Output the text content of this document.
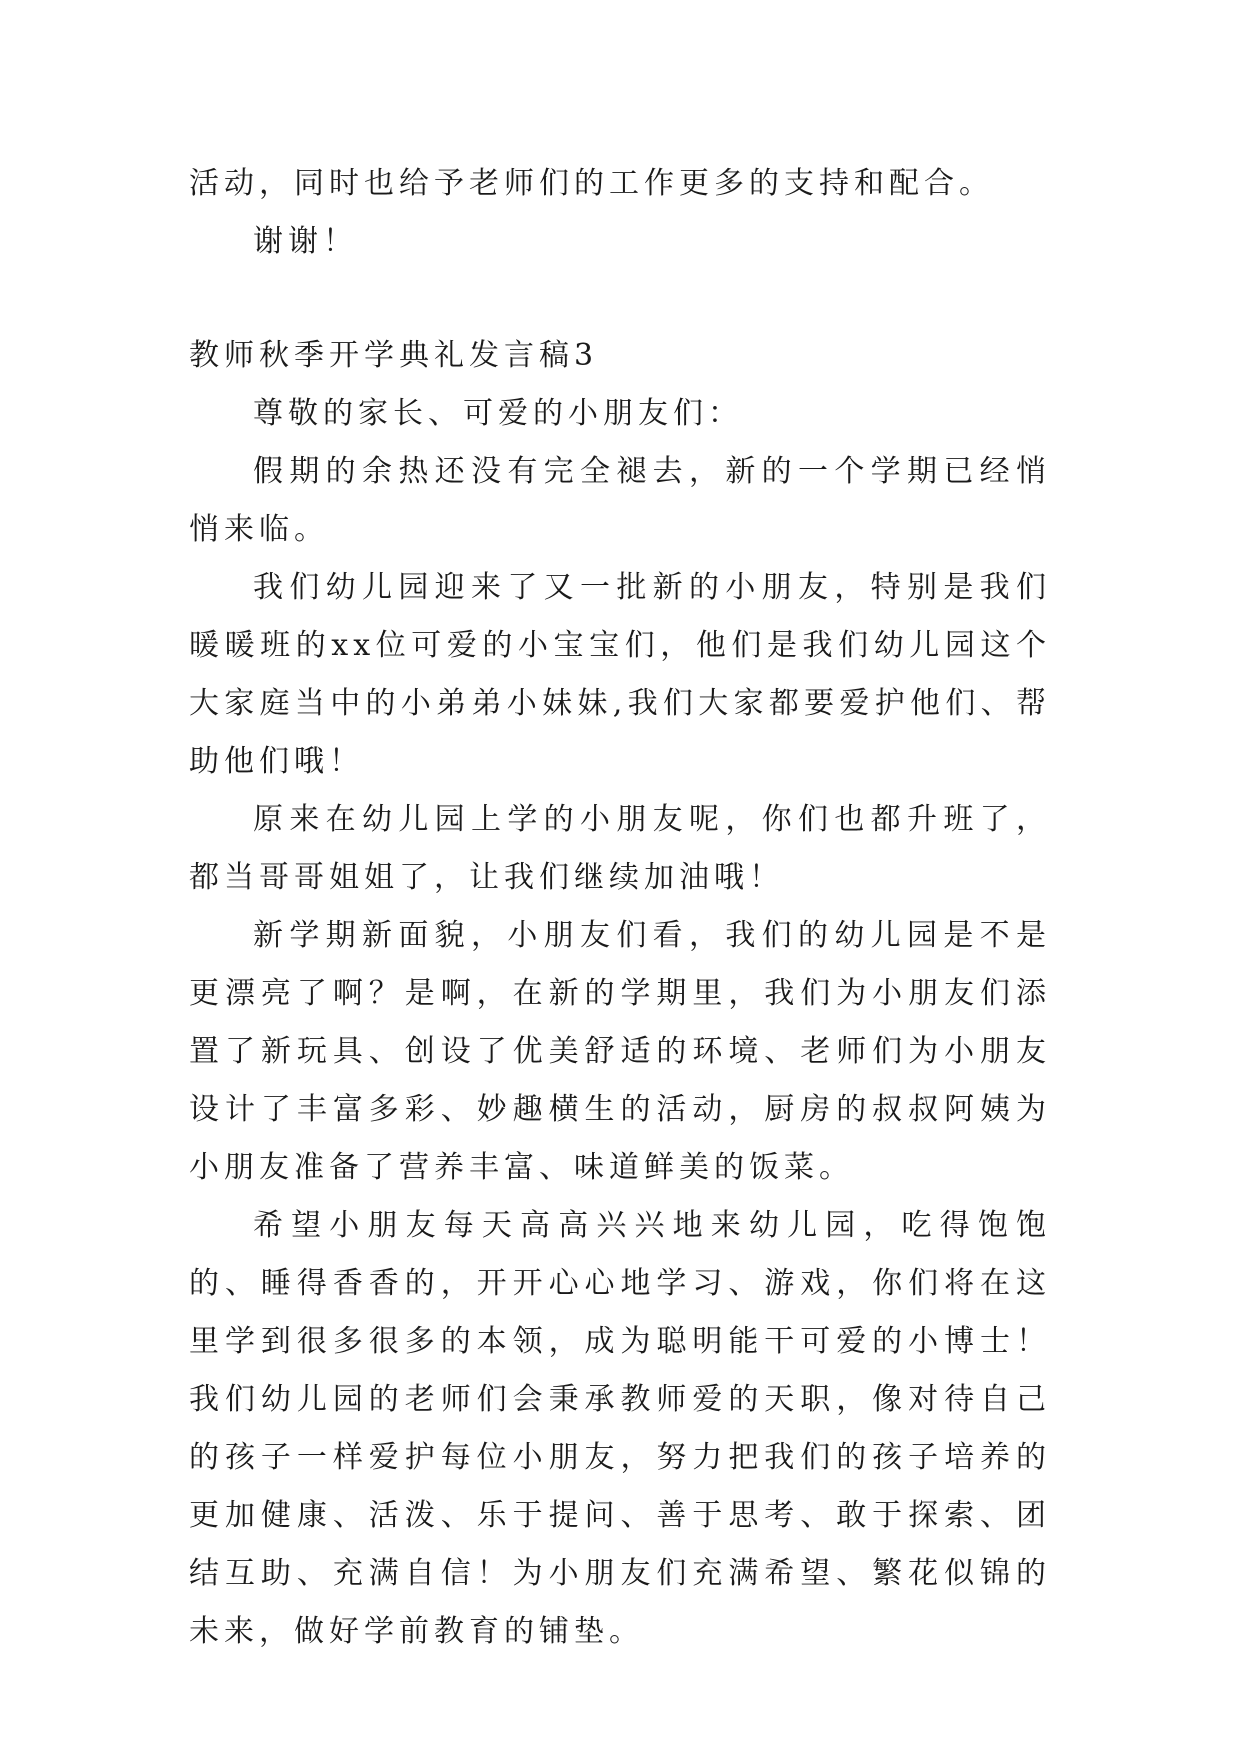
活动，同时也给予老师们的工作更多的支持和配合。

谢谢！

教师秋季开学典礼发言稿3

尊敬的家长、可爱的小朋友们：

假期的余热还没有完全褪去，新的一个学期已经悄悄来临。

我们幼儿园迎来了又一批新的小朋友，特别是我们暖暖班的xx位可爱的小宝宝们，他们是我们幼儿园这个大家庭当中的小弟弟小妹妹,我们大家都要爱护他们、帮助他们哦！

原来在幼儿园上学的小朋友呢，你们也都升班了，都当哥哥姐姐了，让我们继续加油哦！

新学期新面貌，小朋友们看，我们的幼儿园是不是更漂亮了啊？是啊，在新的学期里，我们为小朋友们添置了新玩具、创设了优美舒适的环境、老师们为小朋友设计了丰富多彩、妙趣横生的活动，厨房的叔叔阿姨为小朋友准备了营养丰富、味道鲜美的饭菜。

希望小朋友每天高高兴兴地来幼儿园，吃得饱饱的、睡得香香的，开开心心地学习、游戏，你们将在这里学到很多很多的本领，成为聪明能干可爱的小博士！我们幼儿园的老师们会秉承教师爱的天职，像对待自己的孩子一样爱护每位小朋友，努力把我们的孩子培养的更加健康、活泼、乐于提问、善于思考、敢于探索、团结互助、充满自信！为小朋友们充满希望、繁花似锦的未来，做好学前教育的铺垫。
